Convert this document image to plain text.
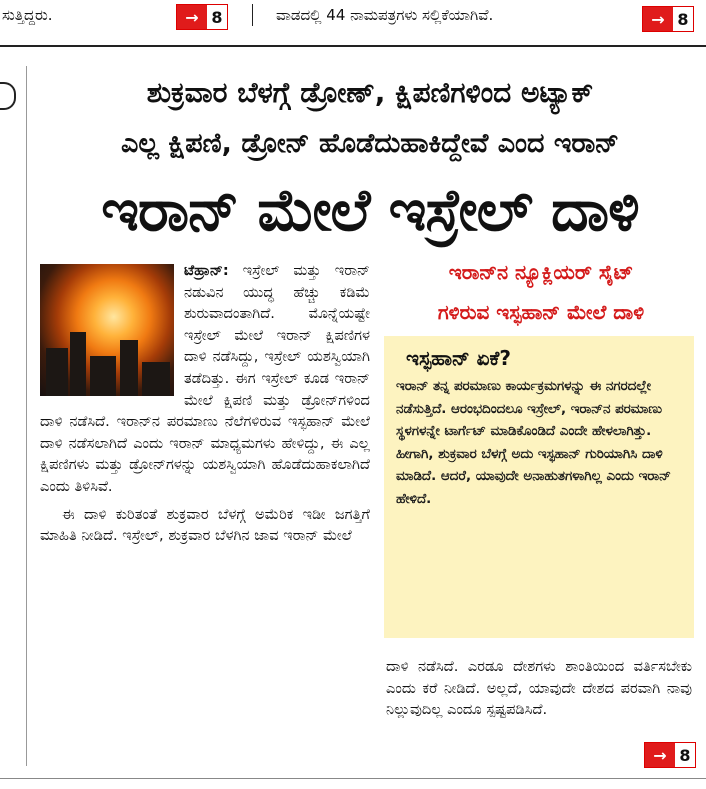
ಸುತ್ತಿದ್ದರು.	→ 8	ವಾಡದಲ್ಲಿ 44 ನಾಮಪತ್ರಗಳು ಸಲ್ಲಿಕೆಯಾಗಿವೆ.	→ 8
ಶುಕ್ರವಾರ ಬೆಳಗ್ಗೆ ಡ್ರೋಣ್, ಕ್ಷಿಪಣಿಗಳಿಂದ ಅಟ್ಯಾಕ್
ಎಲ್ಲ ಕ್ಷಿಪಣಿ, ಡ್ರೋನ್ ಹೊಡೆದುಹಾಕಿದ್ದೇವೆ ಎಂದ ಇರಾನ್
ಇರಾನ್ ಮೇಲೆ ಇಸ್ರೇಲ್ ದಾಳಿ

ಟೆಹ್ರಾನ್: ಇಸ್ರೇಲ್ ಮತ್ತು ಇರಾನ್ ನಡುವಿನ ಯುದ್ಧ ಹೆಚ್ಚು ಕಡಿಮೆ ಶುರುವಾದಂತಾಗಿದೆ. ಮೊನ್ನೆಯಷ್ಟೇ ಇಸ್ರೇಲ್ ಮೇಲೆ ಇರಾನ್ ಕ್ಷಿಪಣಿಗಳ ದಾಳಿ ನಡೆಸಿದ್ದು, ಇಸ್ರೇಲ್ ಯಶಸ್ವಿಯಾಗಿ ತಡೆದಿತ್ತು. ಈಗ ಇಸ್ರೇಲ್ ಕೂಡ ಇರಾನ್ ಮೇಲೆ ಕ್ಷಿಪಣಿ ಮತ್ತು ಡ್ರೋನ್‌ಗಳಿಂದ ದಾಳಿ ನಡೆಸಿದೆ. ಇರಾನ್‌ನ ಪರಮಾಣು ನೆಲೆಗಳಿರುವ ಇಸ್ಫಹಾನ್ ಮೇಲೆ ದಾಳಿ ನಡೆಸಲಾಗಿದೆ ಎಂದು ಇರಾನ್ ಮಾಧ್ಯಮಗಳು ಹೇಳಿದ್ದು, ಈ ಎಲ್ಲ ಕ್ಷಿಪಣಿಗಳು ಮತ್ತು ಡ್ರೋನ್‌ಗಳನ್ನು ಯಶಸ್ವಿಯಾಗಿ ಹೊಡೆದುಹಾಕಲಾಗಿದೆ ಎಂದು ತಿಳಿಸಿವೆ.

ಈ ದಾಳಿ ಕುರಿತಂತೆ ಶುಕ್ರವಾರ ಬೆಳಗ್ಗೆ ಅಮೆರಿಕ ಇಡೀ ಜಗತ್ತಿಗೆ ಮಾಹಿತಿ ನೀಡಿದೆ. ಇಸ್ರೇಲ್, ಶುಕ್ರವಾರ ಬೆಳಗಿನ ಜಾವ ಇರಾನ್ ಮೇಲೆ

ಇರಾನ್‌ನ ನ್ಯೂಕ್ಲಿಯರ್ ಸೈಟ್
ಗಳಿರುವ ಇಸ್ಫಹಾನ್ ಮೇಲೆ ದಾಳಿ
ಇಸ್ಫಹಾನ್ ಏಕೆ?
ಇರಾನ್ ತನ್ನ ಪರಮಾಣು ಕಾರ್ಯಕ್ರಮಗಳನ್ನು ಈ ನಗರದಲ್ಲೇ ನಡೆಸುತ್ತಿದೆ. ಆರಂಭದಿಂದಲೂ ಇಸ್ರೇಲ್, ಇರಾನ್‌ನ ಪರಮಾಣು ಸ್ಥಳಗಳನ್ನೇ ಟಾರ್ಗೆಟ್ ಮಾಡಿಕೊಂಡಿದೆ ಎಂದೇ ಹೇಳಲಾಗಿತ್ತು. ಹೀಗಾಗಿ, ಶುಕ್ರವಾರ ಬೆಳಗ್ಗೆ ಅದು ಇಸ್ಫಹಾನ್ ಗುರಿಯಾಗಿಸಿ ದಾಳಿ ಮಾಡಿದೆ. ಆದರೆ, ಯಾವುದೇ ಅನಾಹುತಗಳಾಗಿಲ್ಲ ಎಂದು ಇರಾನ್ ಹೇಳಿದೆ.
ದಾಳಿ ನಡೆಸಿದೆ. ಎರಡೂ ದೇಶಗಳು ಶಾಂತಿಯಿಂದ ವರ್ತಿಸಬೇಕು ಎಂದು ಕರೆ ನೀಡಿದೆ. ಅಲ್ಲದೆ, ಯಾವುದೇ ದೇಶದ ಪರವಾಗಿ ನಾವು ನಿಲ್ಲುವುದಿಲ್ಲ ಎಂದೂ ಸ್ಪಷ್ಟಪಡಿಸಿದೆ.
→ 8
